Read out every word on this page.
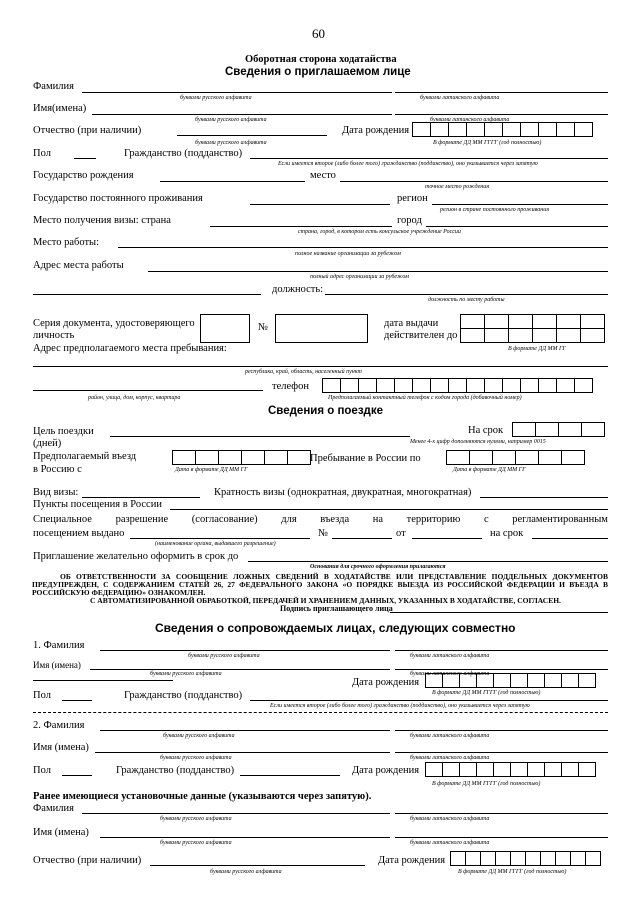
60
Оборотная сторона ходатайства
Сведения о приглашаемом лице
Фамилия
буквами русского алфавита	буквами латинского алфавита
Имя(имена)
буквами русского алфавита	буквами латинского алфавита
Отчество (при наличии)	Дата рождения
буквами русского алфавита	В формате ДД ММ ГГГГ (год полностью)
Пол	Гражданство (подданство)
Если имеется второе (либо более того) гражданство (подданство), оно указывается через запятую
Государство рождения	место
точное место рождения
Государство постоянного проживания	регион
регион в стране постоянного проживания
Место получения визы: страна	город
страна, город, в котором есть консульское учреждение России
Место работы:
полное название организации за рубежом
Адрес места работы
полный адрес организации за рубежом
должность:
должность по месту работы
Серия документа, удостоверяющего
личность
№	дата выдачи
действителен до
Адрес предполагаемого места пребывания:	В формате ДД ММ ГГ
республика, край, область, населенный пункт
телефон
район, улица, дом, корпус, квартира	Предполагаемый контактный телефон с кодом города (добавочный номер)
Сведения о поездке
Цель поездки
(дней)
На срок
Менее 4-х цифр дополняются нулями, например 0015
Предполагаемый въезд
в Россию с
Пребывание в России по
Дата в формате ДД ММ ГГ	Дата в формате ДД ММ ГГ
Вид визы:	Кратность визы (однократная, двукратная, многократная)
Пункты посещения в России
Специальное разрешение (согласование) для въезда на территорию с регламентированным
посещением выдано	№	от	на срок
(наименование органа, выдавшего разрешение)
Приглашение желательно оформить в срок до
Основания для срочного оформления прилагаются
ОБ ОТВЕТСТВЕННОСТИ ЗА СООБЩЕНИЕ ЛОЖНЫХ СВЕДЕНИЙ В ХОДАТАЙСТВЕ ИЛИ ПРЕДСТАВЛЕНИЕ ПОДДЕЛЬНЫХ ДОКУМЕНТОВ ПРЕДУПРЕЖДЕН, С СОДЕРЖАНИЕМ СТАТЕЙ 26, 27 ФЕДЕРАЛЬНОГО ЗАКОНА «О ПОРЯДКЕ ВЫЕЗДА ИЗ РОССИЙСКОЙ ФЕДЕРАЦИИ И ВЪЕЗДА В РОССИЙСКУЮ ФЕДЕРАЦИЮ» ОЗНАКОМЛЕН.
С АВТОМАТИЗИРОВАННОЙ ОБРАБОТКОЙ, ПЕРЕДАЧЕЙ И ХРАНЕНИЕМ ДАННЫХ, УКАЗАННЫХ В ХОДАТАЙСТВЕ, СОГЛАСЕН.
Подпись приглашающего лица
Сведения о сопровождаемых лицах, следующих совместно
1. Фамилия
буквами русского алфавита	буквами латинского алфавита
Имя (имена)
буквами русского алфавита	буквами латинского алфавита
Дата рождения
В формате ДД ММ ГГГГ (год полностью)
Пол	Гражданство (подданство)
Если имеется второе (либо более того) гражданство (подданство), оно указывается через запятую
2. Фамилия
буквами русского алфавита	буквами латинского алфавита
Имя (имена)
буквами русского алфавита	буквами латинского алфавита
Пол	Гражданство (подданство)	Дата рождения
В формате ДД ММ ГГГГ (год полностью)
Ранее имеющиеся установочные данные (указываются через запятую).
Фамилия
буквами русского алфавита	буквами латинского алфавита
Имя (имена)
буквами русского алфавита	буквами латинского алфавита
Отчество (при наличии)	Дата рождения
буквами русского алфавита	В формате ДД ММ ГГГГ (год полностью)
